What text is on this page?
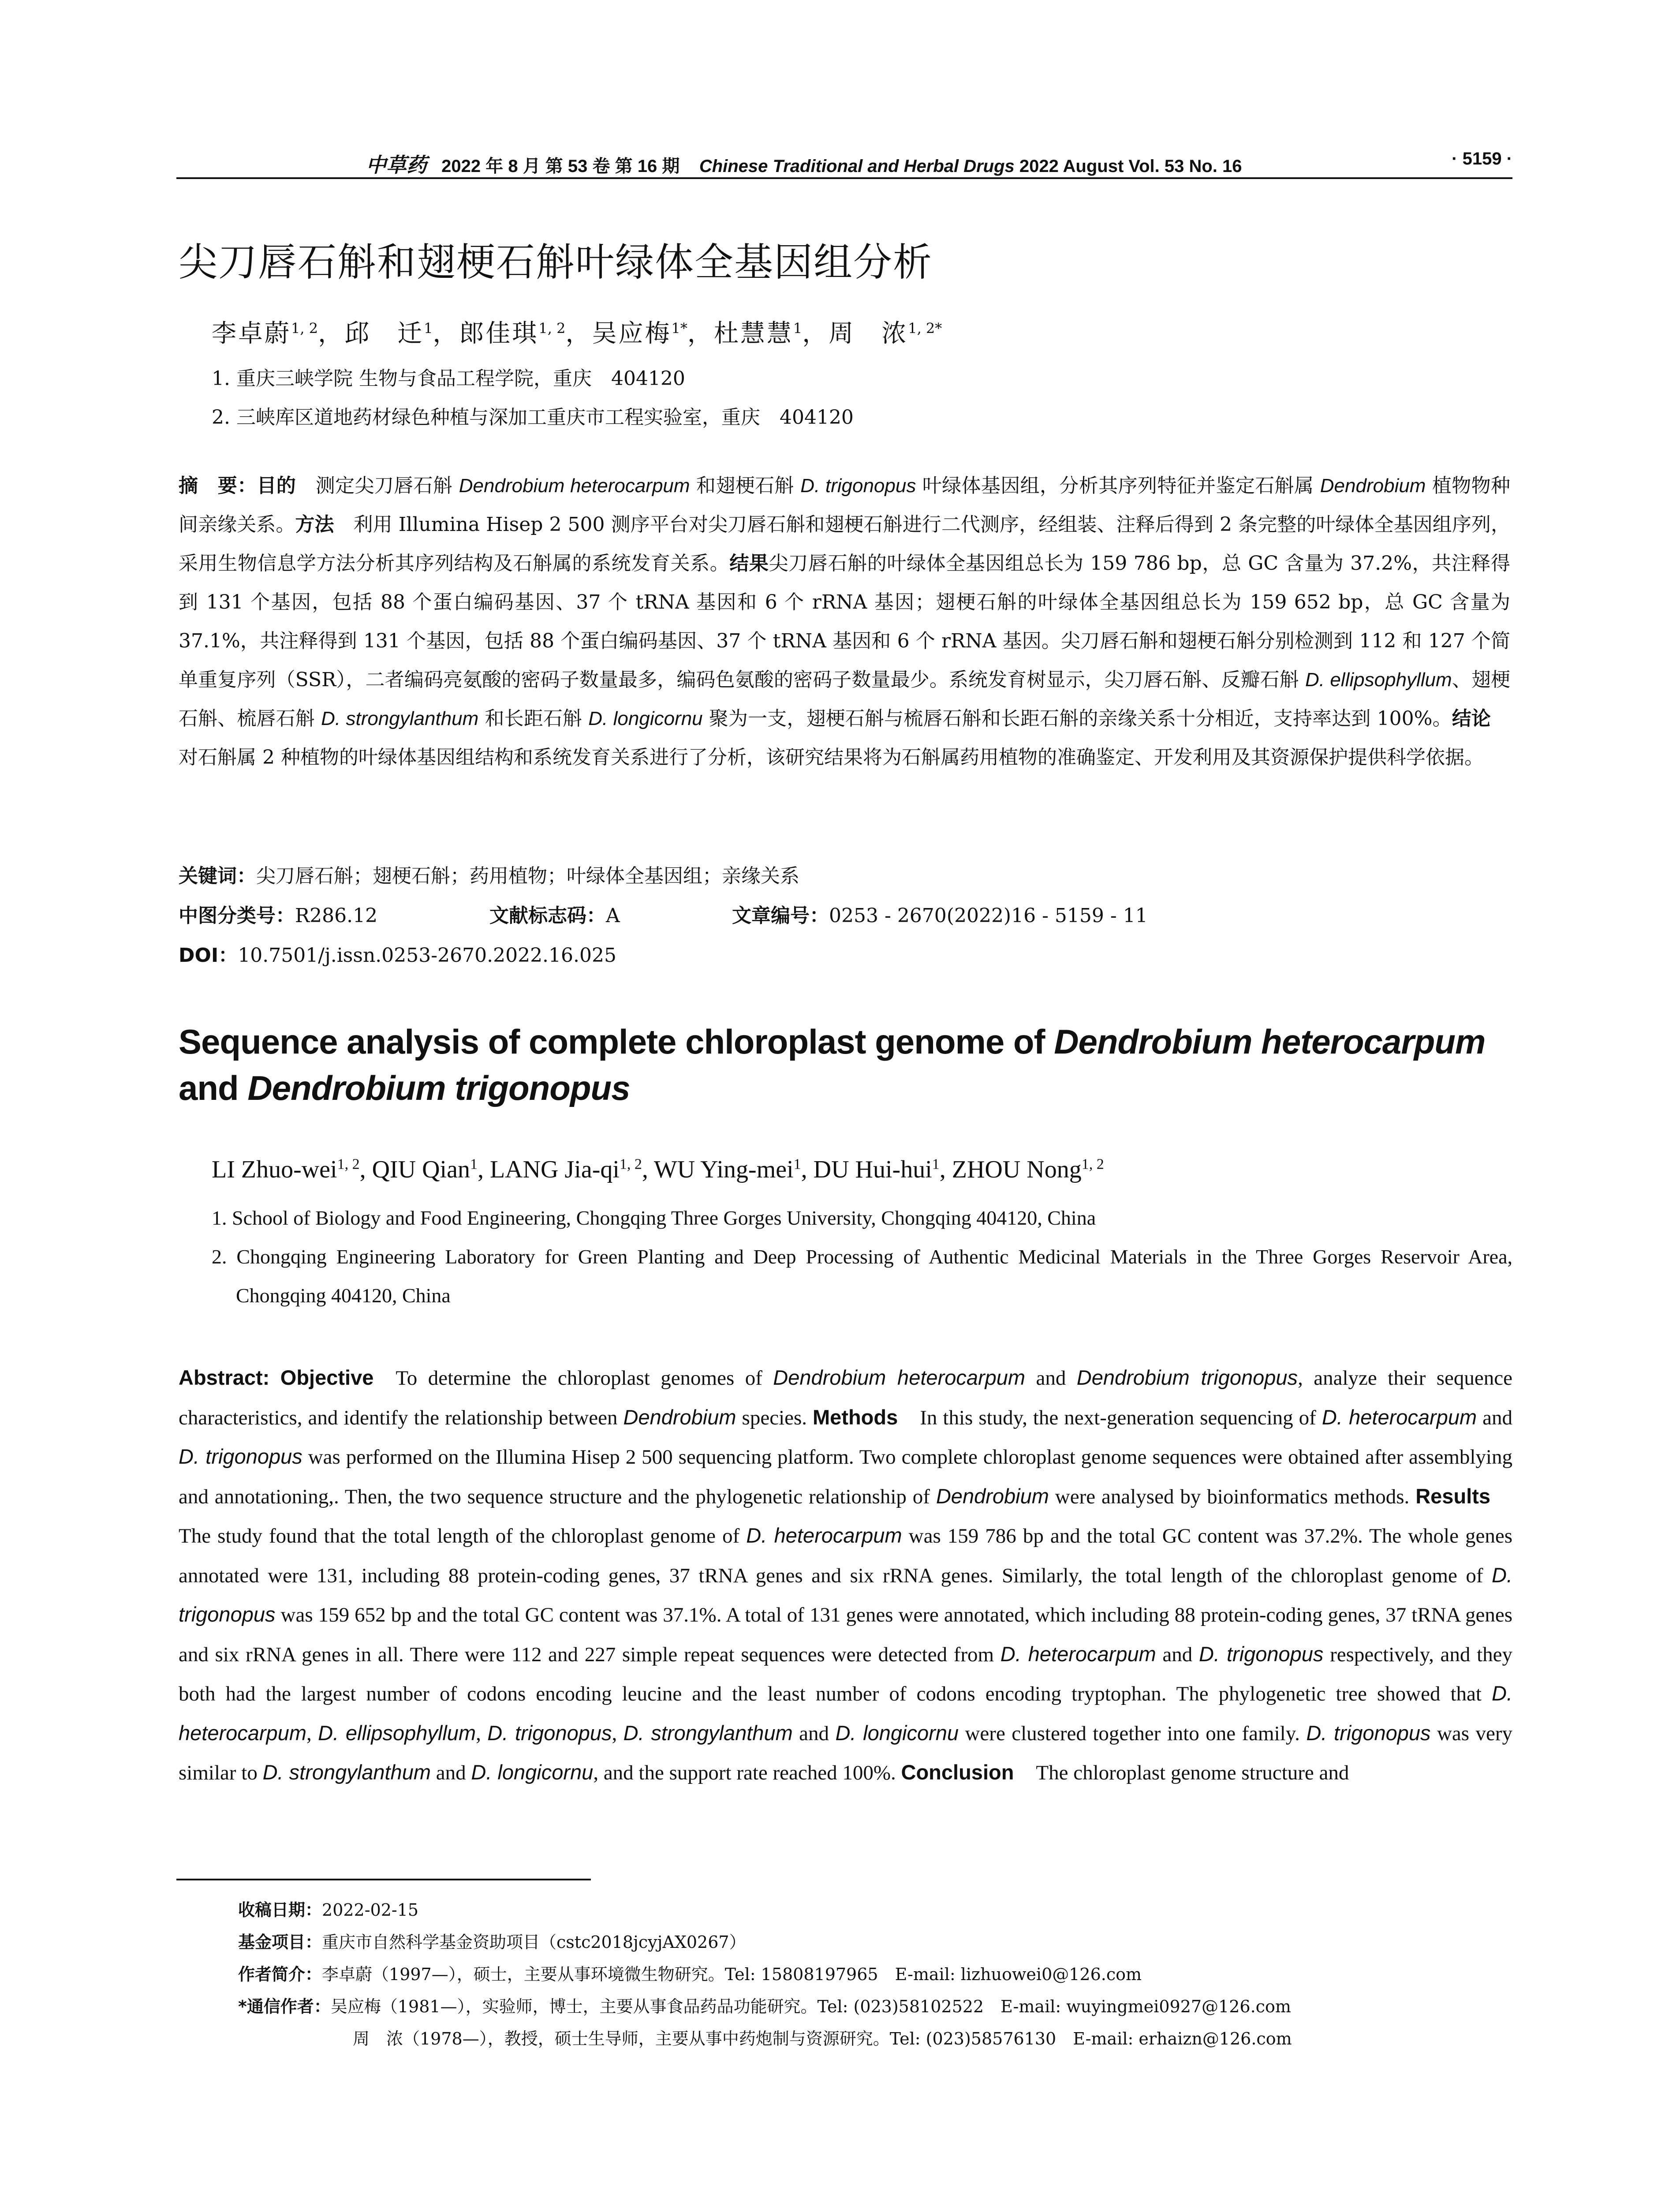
中草药 2022 年 8 月 第 53 卷 第 16 期 Chinese Traditional and Herbal Drugs 2022 August Vol. 53 No. 16	· 5159 ·
尖刀唇石斛和翅梗石斛叶绿体全基因组分析
李卓蔚$^{1, 2}$，邱　迁$^1$，郎佳琪$^{1, 2}$，吴应梅$^{1*}$，杜慧慧$^1$，周　浓$^{1, 2*}$
1. 重庆三峡学院 生物与食品工程学院，重庆　404120
2. 三峡库区道地药材绿色种植与深加工重庆市工程实验室，重庆　404120
摘　要：目的　测定尖刀唇石斛 Dendrobium heterocarpum 和翅梗石斛 D. trigonopus 叶绿体基因组，分析其序列特征并鉴定石斛属 Dendrobium 植物物种间亲缘关系。方法　利用 Illumina Hisep 2 500 测序平台对尖刀唇石斛和翅梗石斛进行二代测序，经组装、注释后得到 2 条完整的叶绿体全基因组序列，采用生物信息学方法分析其序列结构及石斛属的系统发育关系。结果尖刀唇石斛的叶绿体全基因组总长为 159 786 bp，总 GC 含量为 37.2%，共注释得到 131 个基因，包括 88 个蛋白编码基因、37 个 tRNA 基因和 6 个 rRNA 基因；翅梗石斛的叶绿体全基因组总长为 159 652 bp，总 GC 含量为 37.1%，共注释得到 131 个基因，包括 88 个蛋白编码基因、37 个 tRNA 基因和 6 个 rRNA 基因。尖刀唇石斛和翅梗石斛分别检测到 112 和 127 个简单重复序列（SSR），二者编码亮氨酸的密码子数量最多，编码色氨酸的密码子数量最少。系统发育树显示，尖刀唇石斛、反瓣石斛 D. ellipsophyllum、翅梗石斛、梳唇石斛 D. strongylanthum 和长距石斛 D. longicornu 聚为一支，翅梗石斛与梳唇石斛和长距石斛的亲缘关系十分相近，支持率达到 100%。结论　对石斛属 2 种植物的叶绿体基因组结构和系统发育关系进行了分析，该研究结果将为石斛属药用植物的准确鉴定、开发利用及其资源保护提供科学依据。
关键词：尖刀唇石斛；翅梗石斛；药用植物；叶绿体全基因组；亲缘关系
中图分类号：R286.12	文献标志码：A	文章编号：0253 - 2670(2022)16 - 5159 - 11
DOI：10.7501/j.issn.0253-2670.2022.16.025
Sequence analysis of complete chloroplast genome of Dendrobium heterocarpum and Dendrobium trigonopus
LI Zhuo-wei$^{1, 2}$, QIU Qian$^1$, LANG Jia-qi$^{1, 2}$, WU Ying-mei$^1$, DU Hui-hui$^1$, ZHOU Nong$^{1, 2}$
1. School of Biology and Food Engineering, Chongqing Three Gorges University, Chongqing 404120, China
2. Chongqing Engineering Laboratory for Green Planting and Deep Processing of Authentic Medicinal Materials in the Three Gorges Reservoir Area, Chongqing 404120, China
Abstract: Objective To determine the chloroplast genomes of Dendrobium heterocarpum and Dendrobium trigonopus, analyze their sequence characteristics, and identify the relationship between Dendrobium species. Methods In this study, the next-generation sequencing of D. heterocarpum and D. trigonopus was performed on the Illumina Hisep 2 500 sequencing platform. Two complete chloroplast genome sequences were obtained after assemblying and annotationing,. Then, the two sequence structure and the phylogenetic relationship of Dendrobium were analysed by bioinformatics methods. ResultsThe study found that the total length of the chloroplast genome of D. heterocarpum was 159 786 bp and the total GC content was 37.2%. The whole genes annotated were 131, including 88 protein-coding genes, 37 tRNA genes and six rRNA genes. Similarly, the total length of the chloroplast genome of D. trigonopus was 159 652 bp and the total GC content was 37.1%. A total of 131 genes were annotated, which including 88 protein-coding genes, 37 tRNA genes and six rRNA genes in all. There were 112 and 227 simple repeat sequences were detected from D. heterocarpum and D. trigonopus respectively, and they both had the largest number of codons encoding leucine and the least number of codons encoding tryptophan. The phylogenetic tree showed that D. heterocarpum, D. ellipsophyllum, D. trigonopus, D. strongylanthum and D. longicornu were clustered together into one family. D. trigonopus was very similar to D. strongylanthum and D. longicornu, and the support rate reached 100%. Conclusion The chloroplast genome structure and
收稿日期：2022-02-15
基金项目：重庆市自然科学基金资助项目（cstc2018jcyjAX0267）
作者简介：李卓蔚（1997—），硕士，主要从事环境微生物研究。Tel: 15808197965　E-mail: lizhuowei0@126.com
*通信作者：吴应梅（1981—），实验师，博士，主要从事食品药品功能研究。Tel: (023)58102522　E-mail: wuyingmei0927@126.com
周　浓（1978—），教授，硕士生导师，主要从事中药炮制与资源研究。Tel: (023)58576130　E-mail: erhaizn@126.com
